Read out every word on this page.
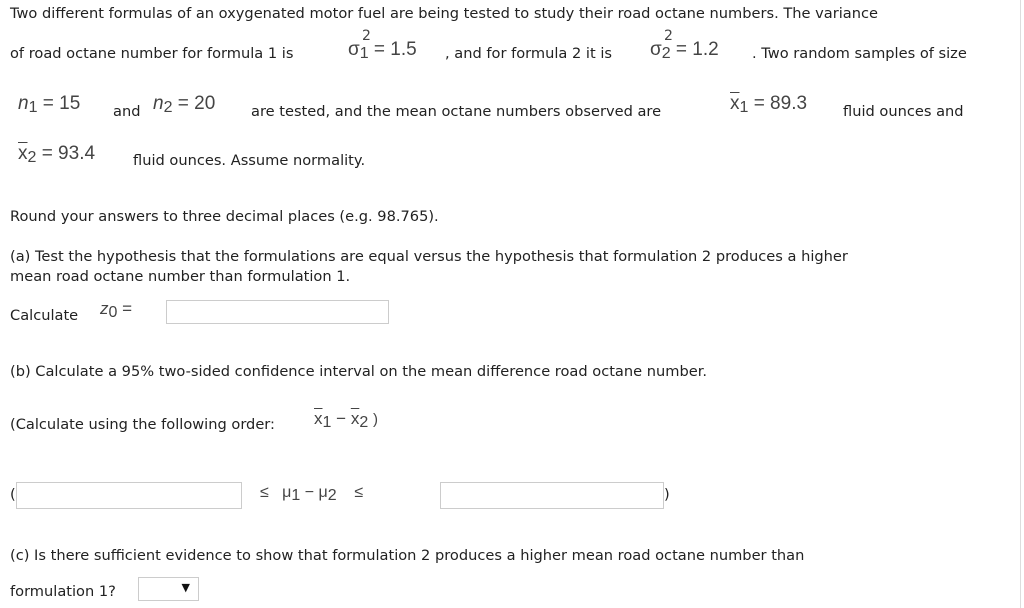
Two different formulas of an oxygenated motor fuel are being tested to study their road octane numbers. The variance
of road octane number for formula 1 is	$\sigma_1 = 1.5$
2
, and for formula 2 it is $\sigma_2 = 1.2$
2
. Two random samples of size
$n_1 = 15$ and $n_2 = 20$ are tested, and the mean octane numbers observed are	$\overline{x}_1 = 89.3$ fluid ounces and
$\overline{x}_2 = 93.4$	fluid ounces. Assume normality.
Round your answers to three decimal places (e.g. 98.765).
(a) Test the hypothesis that the formulations are equal versus the hypothesis that formulation 2 produces a higher
mean road octane number than formulation 1.
Calculate $z_0$ =
(b) Calculate a 95% two-sided confidence interval on the mean difference road octane number.
(Calculate using the following order: $\overline{x}_1 - \overline{x}_2$ )
(	≤ $\mu_1 - \mu_2$ ≤	)
(c) Is there sufficient evidence to show that formulation 2 produces a higher mean road octane number than
formulation 1?	▼
